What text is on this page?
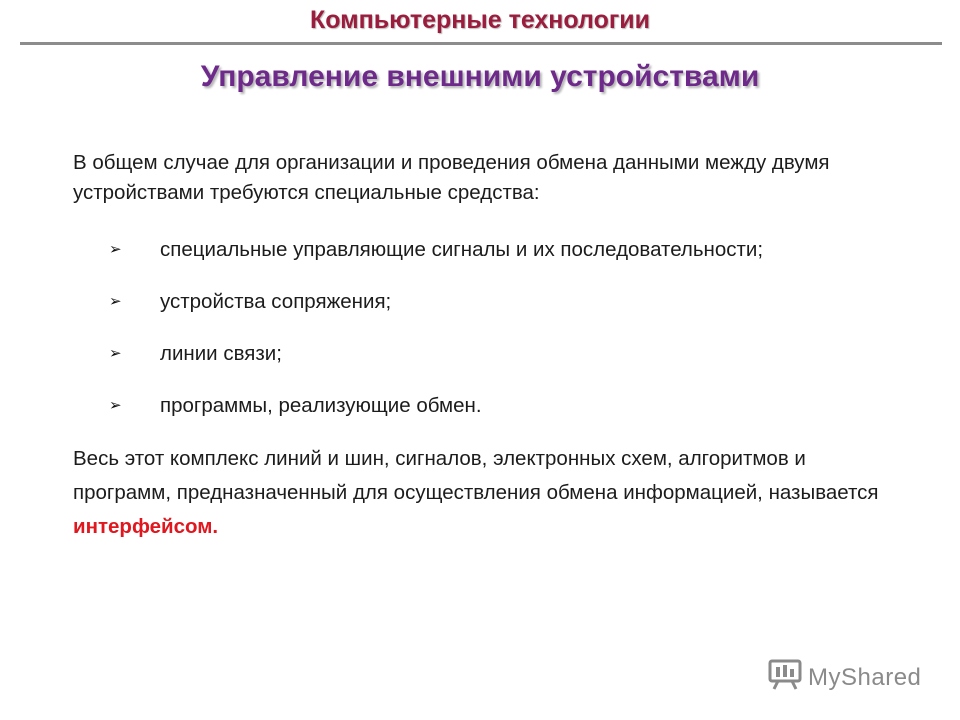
Компьютерные технологии
Управление внешними устройствами

В общем случае для организации и проведения обмена данными между двумя устройствами требуются специальные средства:

➢ специальные управляющие сигналы и их последовательности;
➢ устройства сопряжения;
➢ линии связи;
➢ программы, реализующие обмен.

Весь этот комплекс линий и шин, сигналов, электронных схем, алгоритмов и программ, предназначенный для осуществления обмена информацией, называется интерфейсом.

MyShared
